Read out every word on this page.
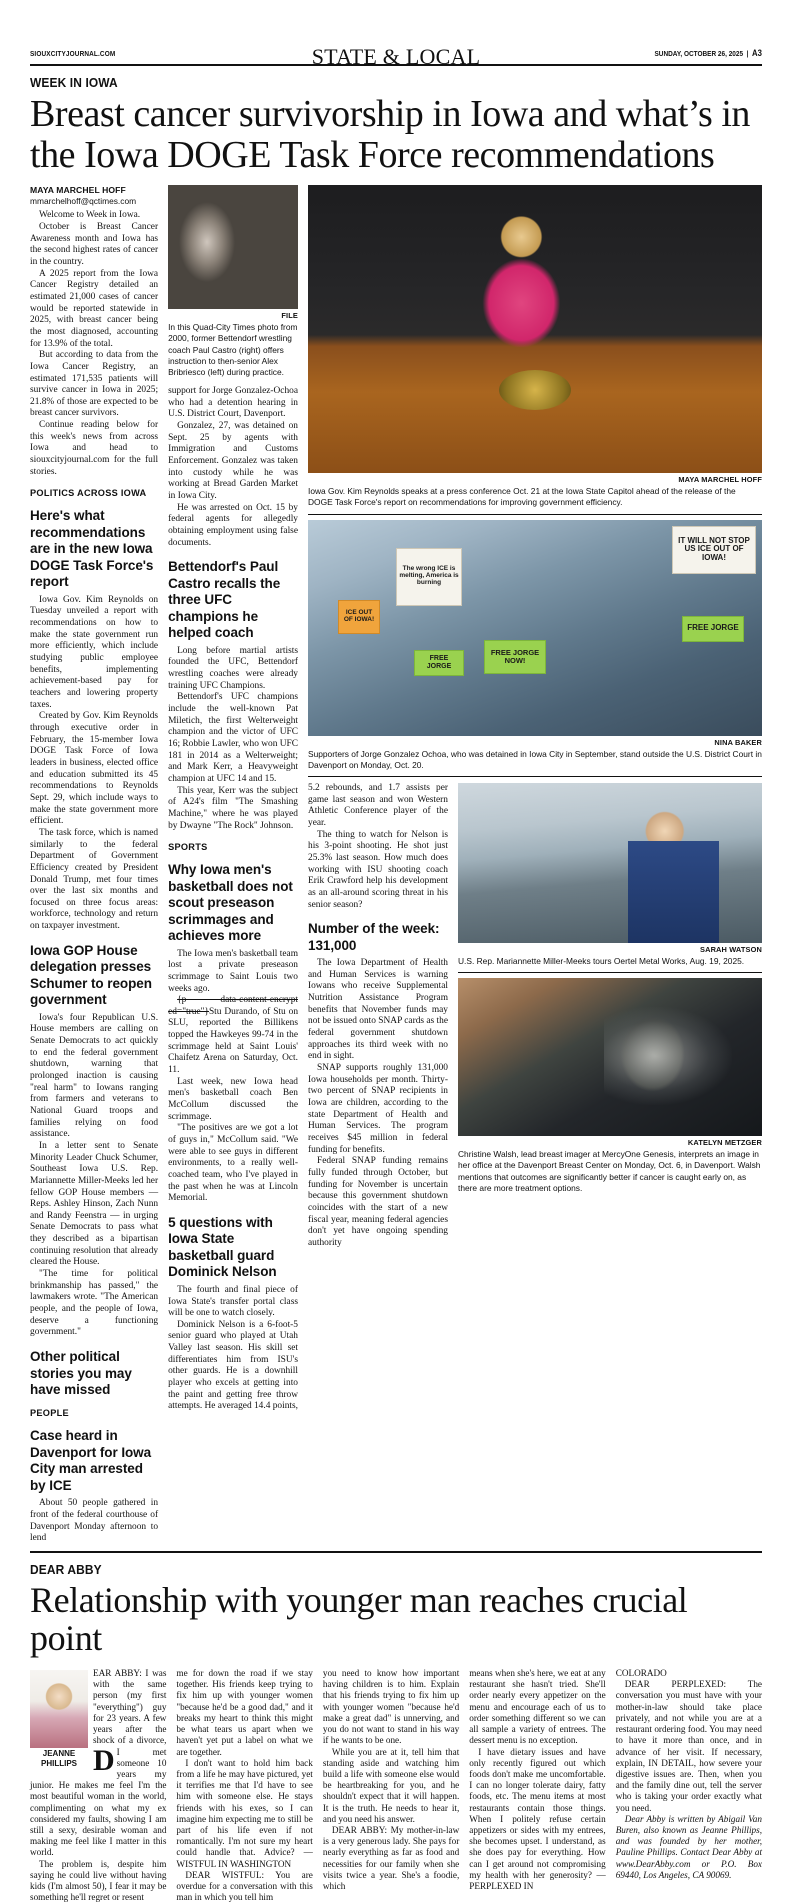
SIOUXCITYJOURNAL.COM	STATE & LOCAL	SUNDAY, OCTOBER 26, 2025  |  A3
WEEK IN IOWA
Breast cancer survivorship in Iowa and what’s in the Iowa DOGE Task Force recommendations
MAYA MARCHEL HOFF
mmarchelhoff@qctimes.com

Welcome to Week in Iowa.

October is Breast Cancer Awareness month and Iowa has the second highest rates of cancer in the country.

A 2025 report from the Iowa Cancer Registry detailed an estimated 21,000 cases of cancer would be reported statewide in 2025, with breast cancer being the most diagnosed, accounting for 13.9% of the total.

But according to data from the Iowa Cancer Registry, an estimated 171,535 patients will survive cancer in Iowa in 2025; 21.8% of those are expected to be breast cancer survivors.

Continue reading below for this week's news from across Iowa and head to siouxcityjournal.com for the full stories.

POLITICS ACROSS IOWA
Here's what recommendations are in the new Iowa DOGE Task Force's report

Iowa Gov. Kim Reynolds on Tuesday unveiled a report with recommendations on how to make the state government run more efficiently, which include studying public employee benefits, implementing achievement-based pay for teachers and lowering property taxes.

Created by Gov. Kim Reynolds through executive order in February, the 15-member Iowa DOGE Task Force of Iowa leaders in business, elected office and education submitted its 45 recommendations to Reynolds Sept. 29, which include ways to make the state government more efficient.

The task force, which is named similarly to the federal Department of Government Efficiency created by President Donald Trump, met four times over the last six months and focused on three focus areas: workforce, technology and return on taxpayer investment.

Iowa GOP House delegation presses Schumer to reopen government

Iowa's four Republican U.S. House members are calling on Senate Democrats to act quickly to end the federal government shutdown, warning that prolonged inaction is causing "real harm" to Iowans ranging from farmers and veterans to National Guard troops and families relying on food assistance.

In a letter sent to Senate Minority Leader Chuck Schumer, Southeast Iowa U.S. Rep. Mariannette Miller-Meeks led her fellow GOP House members — Reps. Ashley Hinson, Zach Nunn and Randy Feenstra — in urging Senate Democrats to pass what they described as a bipartisan continuing resolution that already cleared the House.

"The time for political brinkmanship has passed," the lawmakers wrote. "The American people, and the people of Iowa, deserve a functioning government."

Other political stories you may have missed
PEOPLE
Case heard in Davenport for Iowa City man arrested by ICE

About 50 people gathered in front of the federal courthouse of Davenport Monday afternoon to lend

FILE
In this Quad-City Times photo from 2000, former Bettendorf wrestling coach Paul Castro (right) offers instruction to then-senior Alex Bribriesco (left) during practice.

support for Jorge Gonzalez-Ochoa who had a detention hearing in U.S. District Court, Davenport.

Gonzalez, 27, was detained on Sept. 25 by agents with Immigration and Customs Enforcement. Gonzalez was taken into custody while he was working at Bread Garden Market in Iowa City.

He was arrested on Oct. 15 by federal agents for allegedly obtaining employment using false documents.

Bettendorf's Paul Castro recalls the three UFC champions he helped coach

Long before martial artists founded the UFC, Bettendorf wrestling coaches were already training UFC Champions.

Bettendorf's UFC champions include the well-known Pat Miletich, the first Welterweight champion and the victor of UFC 16; Robbie Lawler, who won UFC 181 in 2014 as a Welterweight; and Mark Kerr, a Heavyweight champion at UFC 14 and 15.

This year, Kerr was the subject of A24's film "The Smashing Machine," where he was played by Dwayne "The Rock" Johnson.

SPORTS
Why Iowa men's basketball does not scout preseason scrimmages and achieves more

The Iowa men's basketball team lost a private preseason scrimmage to Saint Louis two weeks ago.

{p data-content-encrypt ed="true"}Stu Durando, of Stu on SLU, reported the Billikens topped the Hawkeyes 99-74 in the scrimmage held at Saint Louis' Chaifetz Arena on Saturday, Oct. 11.

Last week, new Iowa head men's basketball coach Ben McCollum discussed the scrimmage.

"The positives are we got a lot of guys in," McCollum said. "We were able to see guys in different environments, to a really well-coached team, who I've played in the past when he was at Lincoln Memorial.

5 questions with Iowa State basketball guard Dominick Nelson

The fourth and final piece of Iowa State's transfer portal class will be one to watch closely.

Dominick Nelson is a 6-foot-5 senior guard who played at Utah Valley last season. His skill set differentiates him from ISU's other guards. He is a downhill player who excels at getting into the paint and getting free throw attempts. He averaged 14.4 points,

MAYA MARCHEL HOFF
Iowa Gov. Kim Reynolds speaks at a press conference Oct. 21 at the Iowa State Capitol ahead of the release of the DOGE Task Force's report on recommendations for improving government efficiency.
IT WILL NOT STOP US ICE OUT OF IOWA!
The wrong ICE is melting, America is burning
ICE OUT OF IOWA!
FREE JORGE
FREE JORGE NOW!
FREE JORGE
NINA BAKER
Supporters of Jorge Gonzalez Ochoa, who was detained in Iowa City in September, stand outside the U.S. District Court in Davenport on Monday, Oct. 20.

5.2 rebounds, and 1.7 assists per game last season and won Western Athletic Conference player of the year.

The thing to watch for Nelson is his 3-point shooting. He shot just 25.3% last season. How much does working with ISU shooting coach Erik Crawford help his development as an all-around scoring threat in his senior season?

Number of the week: 131,000

The Iowa Department of Health and Human Services is warning Iowans who receive Supplemental Nutrition Assistance Program benefits that November funds may not be issued onto SNAP cards as the federal government shutdown approaches its third week with no end in sight.

SNAP supports roughly 131,000 Iowa households per month. Thirty-two percent of SNAP recipients in Iowa are children, according to the state Department of Health and Human Services. The program receives $45 million in federal funding for benefits.

Federal SNAP funding remains fully funded through October, but funding for November is uncertain because this government shutdown coincides with the start of a new fiscal year, meaning federal agencies don't yet have ongoing spending authority

SARAH WATSON
U.S. Rep. Mariannette Miller-Meeks tours Oertel Metal Works, Aug. 19, 2025.
KATELYN METZGER
Christine Walsh, lead breast imager at MercyOne Genesis, interprets an image in her office at the Davenport Breast Center on Monday, Oct. 6, in Davenport. Walsh mentions that outcomes are significantly better if cancer is caught early on, as there are more treatment options.
DEAR ABBY
Relationship with younger man reaches crucial point
JEANNE PHILLIPS	DEAR ABBY: I was with the same person (my first "everything") guy for 23 years. A few years after the shock of a divorce, I met someone 10 years my junior. He makes me feel I'm the most beautiful woman in the world, complimenting on what my ex considered my faults, showing I am still a sexy, desirable woman and making me feel like I matter in this world.

The problem is, despite him saying he could live without having kids (I'm almost 50), I fear it may be something he'll regret or resent

me for down the road if we stay together. His friends keep trying to fix him up with younger women "because he'd be a good dad," and it breaks my heart to think this might be what tears us apart when we haven't yet put a label on what we are together.

I don't want to hold him back from a life he may have pictured, yet it terrifies me that I'd have to see him with someone else. He stays friends with his exes, so I can imagine him expecting me to still be part of his life even if not romantically. I'm not sure my heart could handle that. Advice? — WISTFUL IN WASHINGTON

DEAR WISTFUL: You are overdue for a conversation with this man in which you tell him

you need to know how important having children is to him. Explain that his friends trying to fix him up with younger women "because he'd make a great dad" is unnerving, and you do not want to stand in his way if he wants to be one.

While you are at it, tell him that standing aside and watching him build a life with someone else would be heartbreaking for you, and he shouldn't expect that it will happen. It is the truth. He needs to hear it, and you need his answer.

DEAR ABBY: My mother-in-law is a very generous lady. She pays for nearly everything as far as food and necessities for our family when she visits twice a year. She's a foodie, which

means when she's here, we eat at any restaurant she hasn't tried. She'll order nearly every appetizer on the menu and encourage each of us to order something different so we can all sample a variety of entrees. The dessert menu is no exception.

I have dietary issues and have only recently figured out which foods don't make me uncomfortable. I can no longer tolerate dairy, fatty foods, etc. The menu items at most restaurants contain those things. When I politely refuse certain appetizers or sides with my entrees, she becomes upset. I understand, as she does pay for everything. How can I get around not compromising my health with her generosity? — PERPLEXED IN

COLORADO

DEAR PERPLEXED: The conversation you must have with your mother-in-law should take place privately, and not while you are at a restaurant ordering food. You may need to have it more than once, and in advance of her visit. If necessary, explain, IN DETAIL, how severe your digestive issues are. Then, when you and the family dine out, tell the server who is taking your order exactly what you need.

Dear Abby is written by Abigail Van Buren, also known as Jeanne Phillips, and was founded by her mother, Pauline Phillips. Contact Dear Abby at www.DearAbby.com or P.O. Box 69440, Los Angeles, CA 90069.
